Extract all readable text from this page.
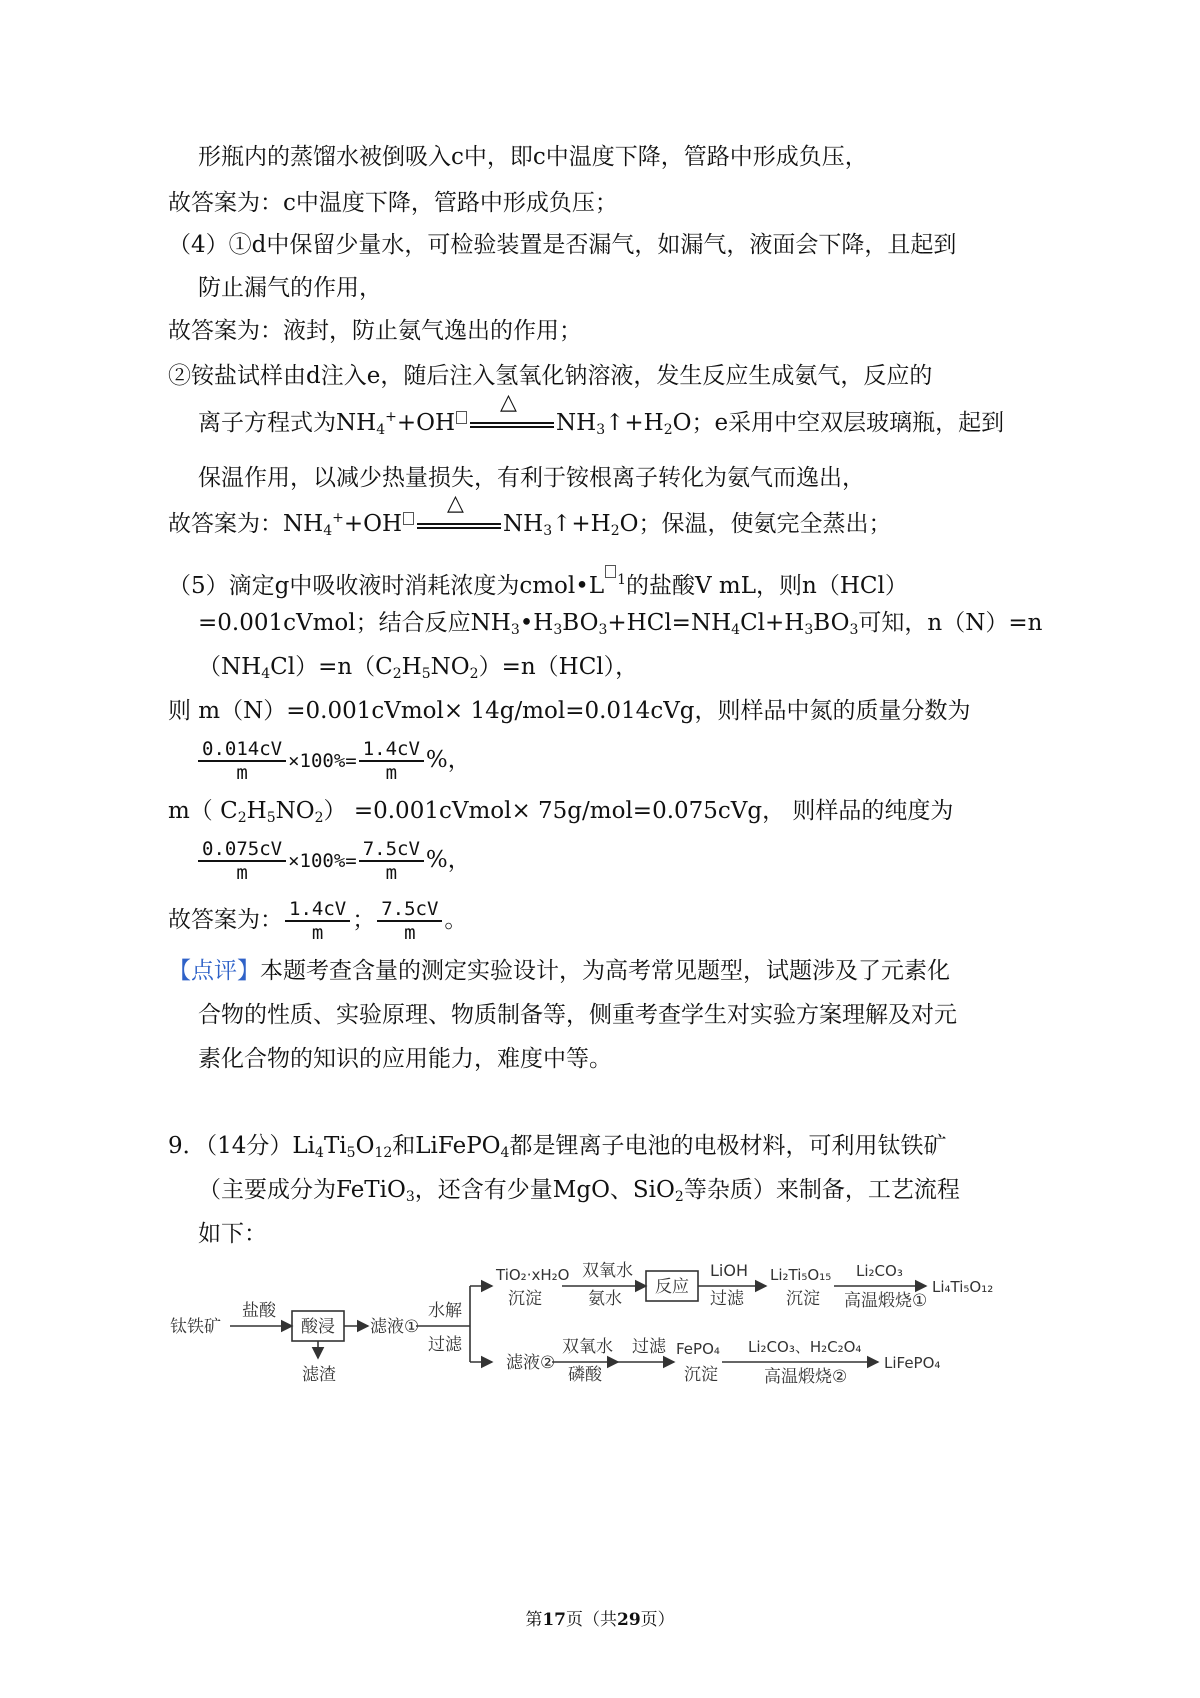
形瓶内的蒸馏水被倒吸入c中，即c中温度下降，管路中形成负压，
故答案为：c中温度下降，管路中形成负压；
（4）①d中保留少量水，可检验装置是否漏气，如漏气，液面会下降，且起到
防止漏气的作用，
故答案为：液封，防止氨气逸出的作用；
②铵盐试样由d注入e，随后注入氢氧化钠溶液，发生反应生成氨气，反应的
离子方程式为$NH_4^++OH$
△
$NH_3↑+H_2O$；e采用中空双层玻璃瓶，起到
保温作用，以减少热量损失，有利于铵根离子转化为氨气而逸出，
故答案为：$NH_4^++OH$
△
$NH_3↑+H_2O$；保温，使氨完全蒸出；
（5）滴定g中吸收液时消耗浓度为cmol•L $^1$的盐酸V mL，则n（HCl）
=0.001cVmol；结合反应$NH_3•H_3BO_3+HCl=NH_4Cl+H_3BO_3$可知，n（N）=n
$(NH_4Cl)=n(C_2H_5NO_2)=n(HCl)$，
则 m（N）=0.001cVmol× 14g/mol=0.014cVg，则样品中氮的质量分数为
$\frac{0.014cV}{m} \times 100\%= \frac{1.4cV}{m}$ %，
m（ $C_2H_5NO_2$） =0.001cVmol× 75g/mol=0.075cVg， 则样品的纯度为
$\frac{0.075cV}{m} \times 100\%= \frac{7.5cV}{m}$ %，
故答案为： $\frac{1.4cV}{m}$ ； $\frac{7.5cV}{m}$ 。
【点评】本题考查含量的测定实验设计，为高考常见题型，试题涉及了元素化
合物的性质、实验原理、物质制备等，侧重考查学生对实验方案理解及对元
素化合物的知识的应用能力，难度中等。
9．（14分）$Li_4Ti_5O_{12}$和LiFePO$_4$都是锂离子电池的电极材料，可利用钛铁矿
（主要成分为FeTiO$_3$，还含有少量MgO、SiO$_2$等杂质）来制备，工艺流程
如下：
钛铁矿
盐酸
酸浸
滤渣
滤液①
水解
过滤
TiO₂·xH₂O
沉淀
双氧水
氨水
反应
LiOH
过滤
Li₂Ti₅O₁₅
沉淀
Li₂CO₃
高温煅烧①
Li₄Ti₅O₁₂
滤液②
双氧水
磷酸
过滤 FePO₄
沉淀
Li₂CO₃、H₂C₂O₄
高温煅烧②
LiFePO₄
第17页（共29页）
